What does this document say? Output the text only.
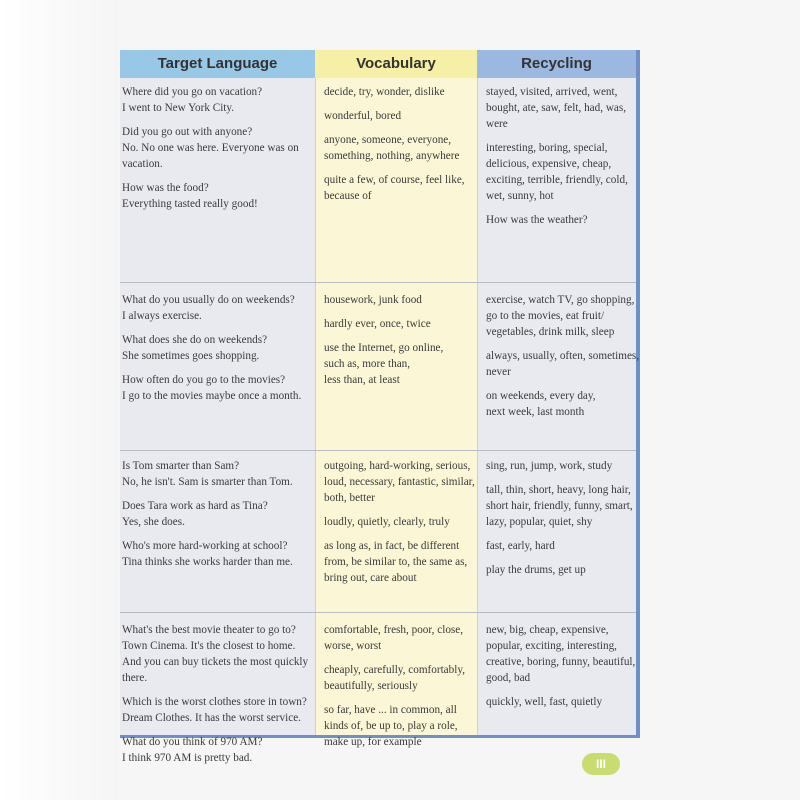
Target Language	Vocabulary	Recycling

Where did you go on vacation?
I went to New York City.

Did you go out with anyone?
No. No one was here. Everyone was on
vacation.

How was the food?
Everything tasted really good!

decide, try, wonder, dislike

wonderful, bored

anyone, someone, everyone,
something, nothing, anywhere

quite a few, of course, feel like,
because of

stayed, visited, arrived, went,
bought, ate, saw, felt, had, was,
were

interesting, boring, special,
delicious, expensive, cheap,
exciting, terrible, friendly, cold,
wet, sunny, hot

How was the weather?

What do you usually do on weekends?
I always exercise.

What does she do on weekends?
She sometimes goes shopping.

How often do you go to the movies?
I go to the movies maybe once a month.

housework, junk food

hardly ever, once, twice

use the Internet, go online,
such as, more than,
less than, at least

exercise, watch TV, go shopping,
go to the movies, eat fruit/
vegetables, drink milk, sleep

always, usually, often, sometimes,
never

on weekends, every day,
next week, last month

Is Tom smarter than Sam?
No, he isn't. Sam is smarter than Tom.

Does Tara work as hard as Tina?
Yes, she does.

Who's more hard-working at school?
Tina thinks she works harder than me.

outgoing, hard-working, serious,
loud, necessary, fantastic, similar,
both, better

loudly, quietly, clearly, truly

as long as, in fact, be different
from, be similar to, the same as,
bring out, care about

sing, run, jump, work, study

tall, thin, short, heavy, long hair,
short hair, friendly, funny, smart,
lazy, popular, quiet, shy

fast, early, hard

play the drums, get up

What's the best movie theater to go to?
Town Cinema. It's the closest to home.
And you can buy tickets the most quickly
there.

Which is the worst clothes store in town?
Dream Clothes. It has the worst service.

What do you think of 970 AM?
I think 970 AM is pretty bad.

comfortable, fresh, poor, close,
worse, worst

cheaply, carefully, comfortably,
beautifully, seriously

so far, have ... in common, all
kinds of, be up to, play a role,
make up, for example

new, big, cheap, expensive,
popular, exciting, interesting,
creative, boring, funny, beautiful,
good, bad

quickly, well, fast, quietly

III
